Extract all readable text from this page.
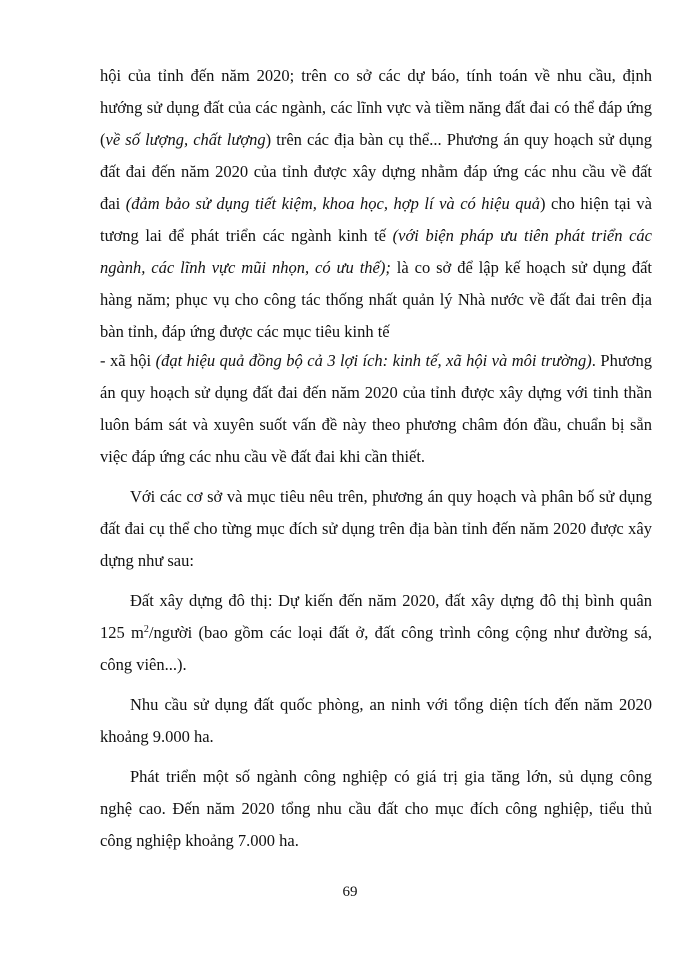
hội của tỉnh đến năm 2020; trên co sở các dự báo, tính toán về nhu cầu, định
hướng sử dụng đất của các ngành, các lĩnh vực và tiềm năng đất đai có thể đáp ứng
(về số lượng, chất lượng) trên các địa bàn cụ thể... Phương án quy hoạch sử dụng
đất đai đến năm 2020 của tỉnh được xây dựng nhằm đáp ứng các nhu cầu về đất
đai (đảm bảo sử dụng tiết kiệm, khoa học, hợp lí và có hiệu quả) cho hiện tại và
tương lai để phát triển các ngành kinh tế (với biện pháp ưu tiên phát triển các
ngành, các lĩnh vực mũi nhọn, có ưu thế); là co sở để lập kế hoạch sử dụng đất
hàng năm; phục vụ cho công tác thống nhất quản lý Nhà nước về đất đai trên địa
bàn tỉnh, đáp ứng được các mục tiêu kinh tế
- xã hội (đạt hiệu quả đồng bộ cả 3 lợi ích: kinh tế, xã hội và môi trường). Phương
án quy hoạch sử dụng đất đai đến năm 2020 của tỉnh được xây dựng với tinh thần
luôn bám sát và xuyên suốt vấn đề này theo phương châm đón đầu, chuẩn bị sẵn
việc đáp ứng các nhu cầu về đất đai khi cần thiết.
Với các cơ sở và mục tiêu nêu trên, phương án quy hoạch và phân bố sử dụng
đất đai cụ thể cho từng mục đích sử dụng trên địa bàn tỉnh đến năm 2020 được xây
dựng như sau:
Đất xây dựng đô thị: Dự kiến đến năm 2020, đất xây dựng đô thị bình quân
125 $m^2$/người (bao gồm các loại đất ở, đất công trình công cộng như đường sá,
công viên...).
Nhu cầu sử dụng đất quốc phòng, an ninh với tổng diện tích đến năm 2020
khoảng 9.000 ha.
Phát triển một số ngành công nghiệp có giá trị gia tăng lớn, sủ dụng công
nghệ cao. Đến năm 2020 tổng nhu cầu đất cho mục đích công nghiệp, tiểu thủ
công nghiệp khoảng 7.000 ha.
69
